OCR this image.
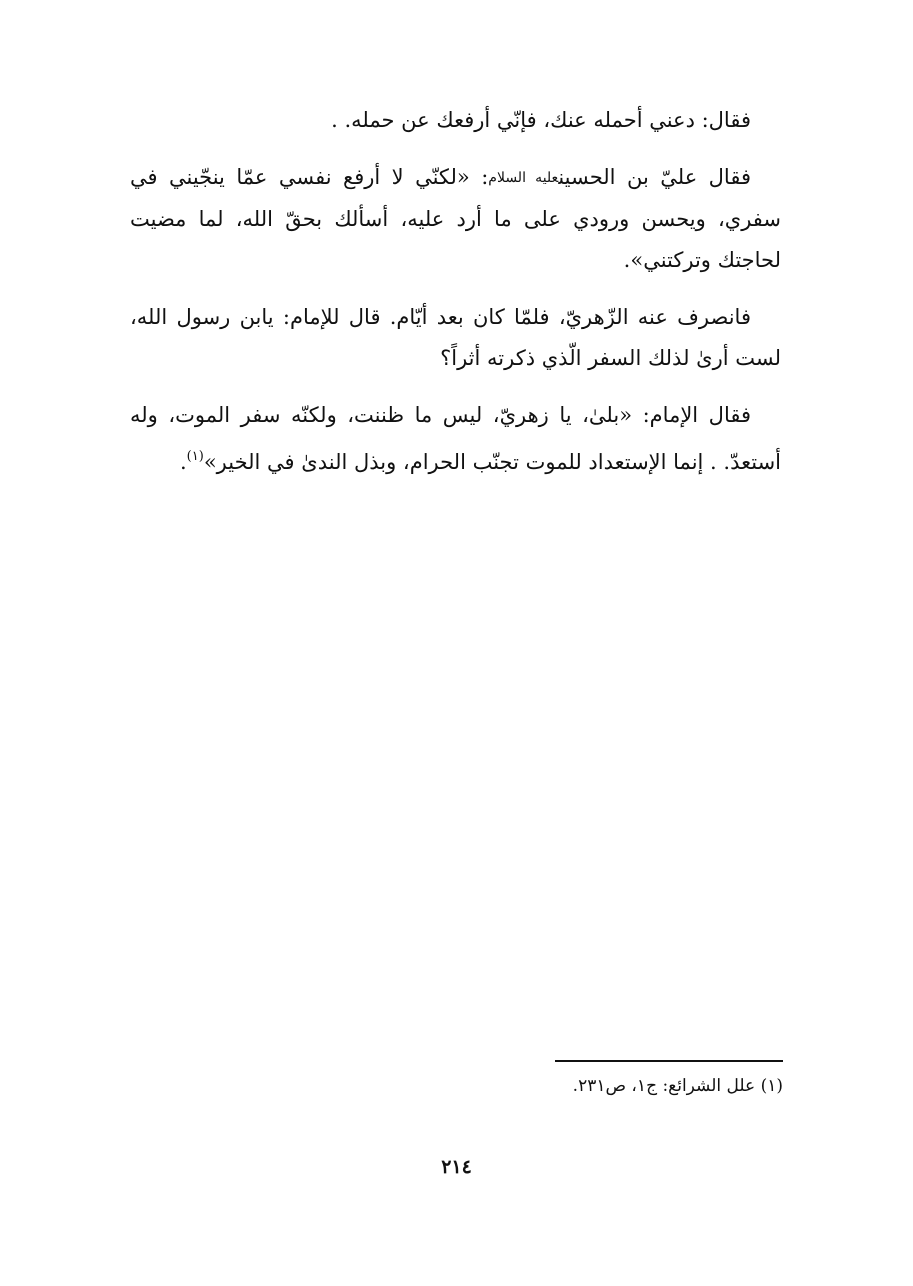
فقال: دعني أحمله عنك، فإنّي أرفعك عن حمله. .

فقال عليّ بن الحسينعليه السلام: «لكنّي لا أرفع نفسي عمّا ينجّيني في سفري، ويحسن ورودي على ما أرد عليه، أسألك بحقّ الله، لما مضيت لحاجتك وتركتني».

فانصرف عنه الزّهريّ، فلمّا كان بعد أيّام. قال للإمام: يابن رسول الله، لست أرىٰ لذلك السفر الّذي ذكرته أثراً؟

فقال الإمام: «بلىٰ، يا زهريّ، ليس ما ظننت، ولكنّه سفر الموت، وله أستعدّ. . إنما الإستعداد للموت تجنّب الحرام، وبذل الندىٰ في الخير»$^{(١)}$.

(١) علل الشرائع: ج١، ص٢٣١.
٢١٤
